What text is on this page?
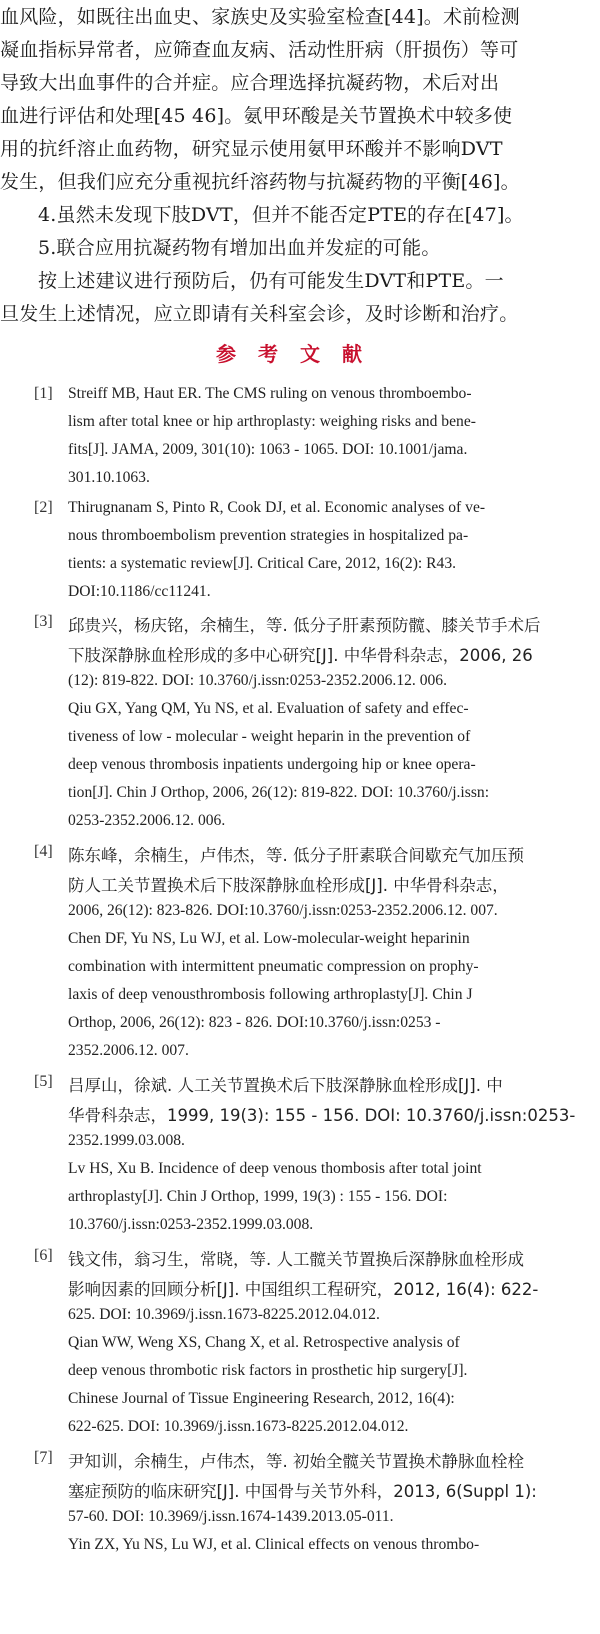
血风险，如既往出血史、家族史及实验室检查[44]。术前检测
凝血指标异常者，应筛查血友病、活动性肝病（肝损伤）等可
导致大出血事件的合并症。应合理选择抗凝药物，术后对出
血进行评估和处理[45 46]。氨甲环酸是关节置换术中较多使
用的抗纤溶止血药物，研究显示使用氨甲环酸并不影响DVT
发生，但我们应充分重视抗纤溶药物与抗凝药物的平衡[46]。
4.虽然未发现下肢DVT，但并不能否定PTE的存在[47]。
5.联合应用抗凝药物有增加出血并发症的可能。
按上述建议进行预防后，仍有可能发生DVT和PTE。一
旦发生上述情况，应立即请有关科室会诊，及时诊断和治疗。
参考文献
[1] Streiff MB, Haut ER. The CMS ruling on venous thromboembo-
lism after total knee or hip arthroplasty: weighing risks and bene-
fits[J]. JAMA, 2009, 301(10): 1063 - 1065. DOI: 10.1001/jama.
301.10.1063.
[2] Thirugnanam S, Pinto R, Cook DJ, et al. Economic analyses of ve-
nous thromboembolism prevention strategies in hospitalized pa-
tients: a systematic review[J]. Critical Care, 2012, 16(2): R43.
DOI:10.1186/cc11241.
[3] 邱贵兴，杨庆铭，余楠生，等. 低分子肝素预防髋、膝关节手术后
下肢深静脉血栓形成的多中心研究[J]. 中华骨科杂志，2006, 26
(12): 819-822. DOI: 10.3760/j.issn:0253-2352.2006.12. 006.
Qiu GX, Yang QM, Yu NS, et al. Evaluation of safety and effec-
tiveness of low - molecular - weight heparin in the prevention of
deep venous thrombosis inpatients undergoing hip or knee opera-
tion[J]. Chin J Orthop, 2006, 26(12): 819-822. DOI: 10.3760/j.issn:
0253-2352.2006.12. 006.
[4] 陈东峰，余楠生，卢伟杰，等. 低分子肝素联合间歇充气加压预
防人工关节置换术后下肢深静脉血栓形成[J]. 中华骨科杂志，
2006, 26(12): 823-826. DOI:10.3760/j.issn:0253-2352.2006.12. 007.
Chen DF, Yu NS, Lu WJ, et al. Low-molecular-weight heparinin
combination with intermittent pneumatic compression on prophy-
laxis of deep venousthrombosis following arthroplasty[J]. Chin J
Orthop, 2006, 26(12): 823 - 826. DOI:10.3760/j.issn:0253 -
2352.2006.12. 007.
[5] 吕厚山，徐斌. 人工关节置换术后下肢深静脉血栓形成[J]. 中
华骨科杂志，1999, 19(3): 155 - 156. DOI: 10.3760/j.issn:0253-
2352.1999.03.008.
Lv HS, Xu B. Incidence of deep venous thombosis after total joint
arthroplasty[J]. Chin J Orthop, 1999, 19(3) : 155 - 156. DOI:
10.3760/j.issn:0253-2352.1999.03.008.
[6] 钱文伟，翁习生，常晓，等. 人工髋关节置换后深静脉血栓形成
影响因素的回顾分析[J]. 中国组织工程研究，2012, 16(4): 622-
625. DOI: 10.3969/j.issn.1673-8225.2012.04.012.
Qian WW, Weng XS, Chang X, et al. Retrospective analysis of
deep venous thrombotic risk factors in prosthetic hip surgery[J].
Chinese Journal of Tissue Engineering Research, 2012, 16(4):
622-625. DOI: 10.3969/j.issn.1673-8225.2012.04.012.
[7] 尹知训，余楠生，卢伟杰，等. 初始全髋关节置换术静脉血栓栓
塞症预防的临床研究[J]. 中国骨与关节外科，2013, 6(Suppl 1):
57-60. DOI: 10.3969/j.issn.1674-1439.2013.05-011.
Yin ZX, Yu NS, Lu WJ, et al. Clinical effects on venous thrombo-
